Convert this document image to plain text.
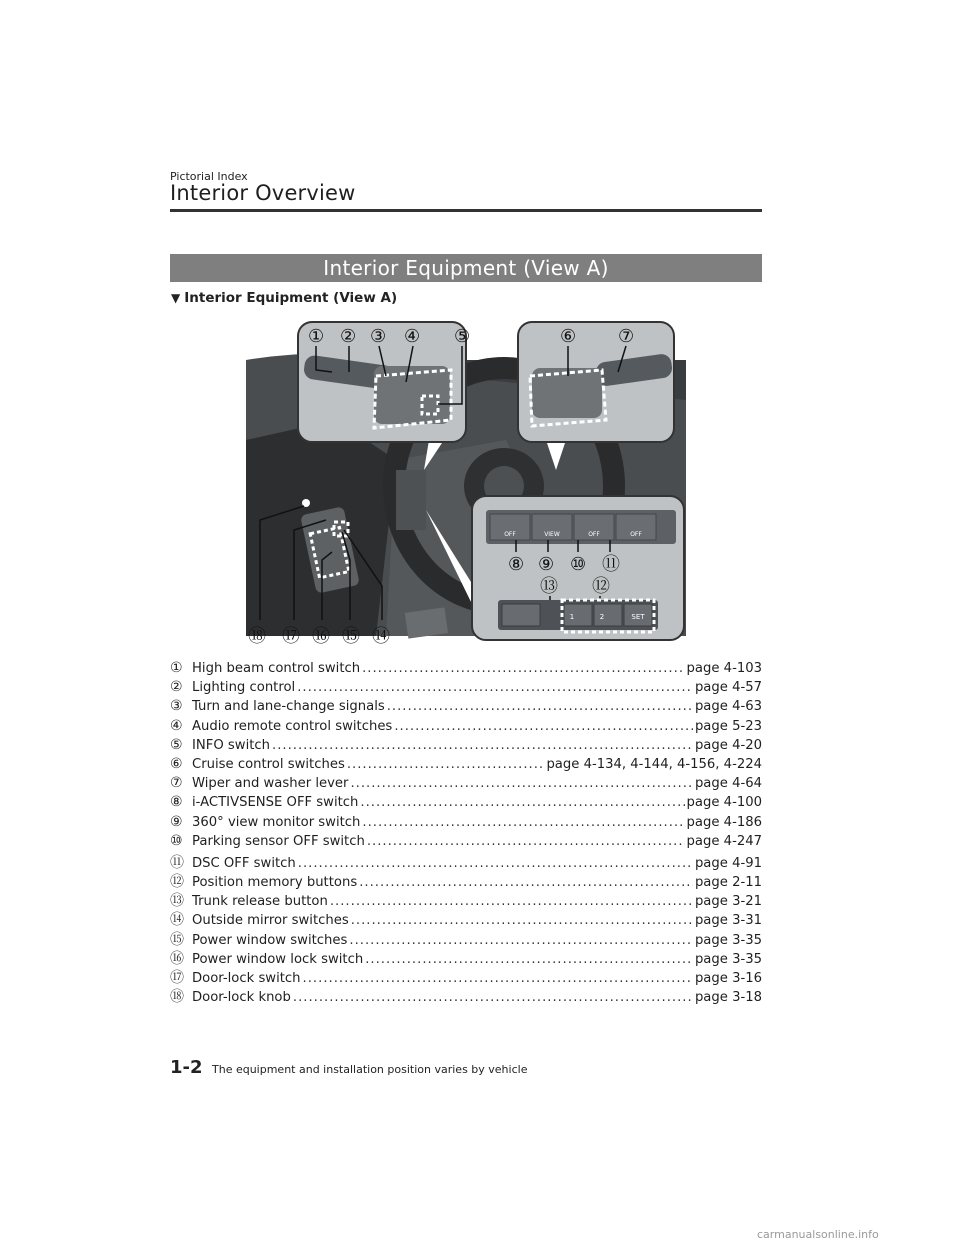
Pictorial Index
Interior Overview
Interior Equipment (View A)
▼ Interior Equipment (View A)
① ② ③ ④ ⑤	⑥ ⑦
OFF	VIEW	OFF	OFF
⑧ ⑨ ⑩ ⑪
⑬ ⑫
1	2	SET
⑱ ⑰ ⑯ ⑮ ⑭
① High beam control switch .....	page 4-103
② Lighting control .....	page 4-57
③ Turn and lane-change signals .....	page 4-63
④ Audio remote control switches .....	page 5-23
⑤ INFO switch .....	page 4-20
⑥ Cruise control switches .....	page 4-134, 4-144, 4-156, 4-224
⑦ Wiper and washer lever .....	page 4-64
⑧ i-ACTIVSENSE OFF switch .....	page 4-100
⑨ 360° view monitor switch .....	page 4-186
⑩ Parking sensor OFF switch .....	page 4-247
⑪ DSC OFF switch .....	page 4-91
⑫ Position memory buttons .....	page 2-11
⑬ Trunk release button .....	page 3-21
⑭ Outside mirror switches .....	page 3-31
⑮ Power window switches .....	page 3-35
⑯ Power window lock switch .....	page 3-35
⑰ Door-lock switch .....	page 3-16
⑱ Door-lock knob .....	page 3-18
1-2 The equipment and installation position varies by vehicle
carmanualsonline.info
